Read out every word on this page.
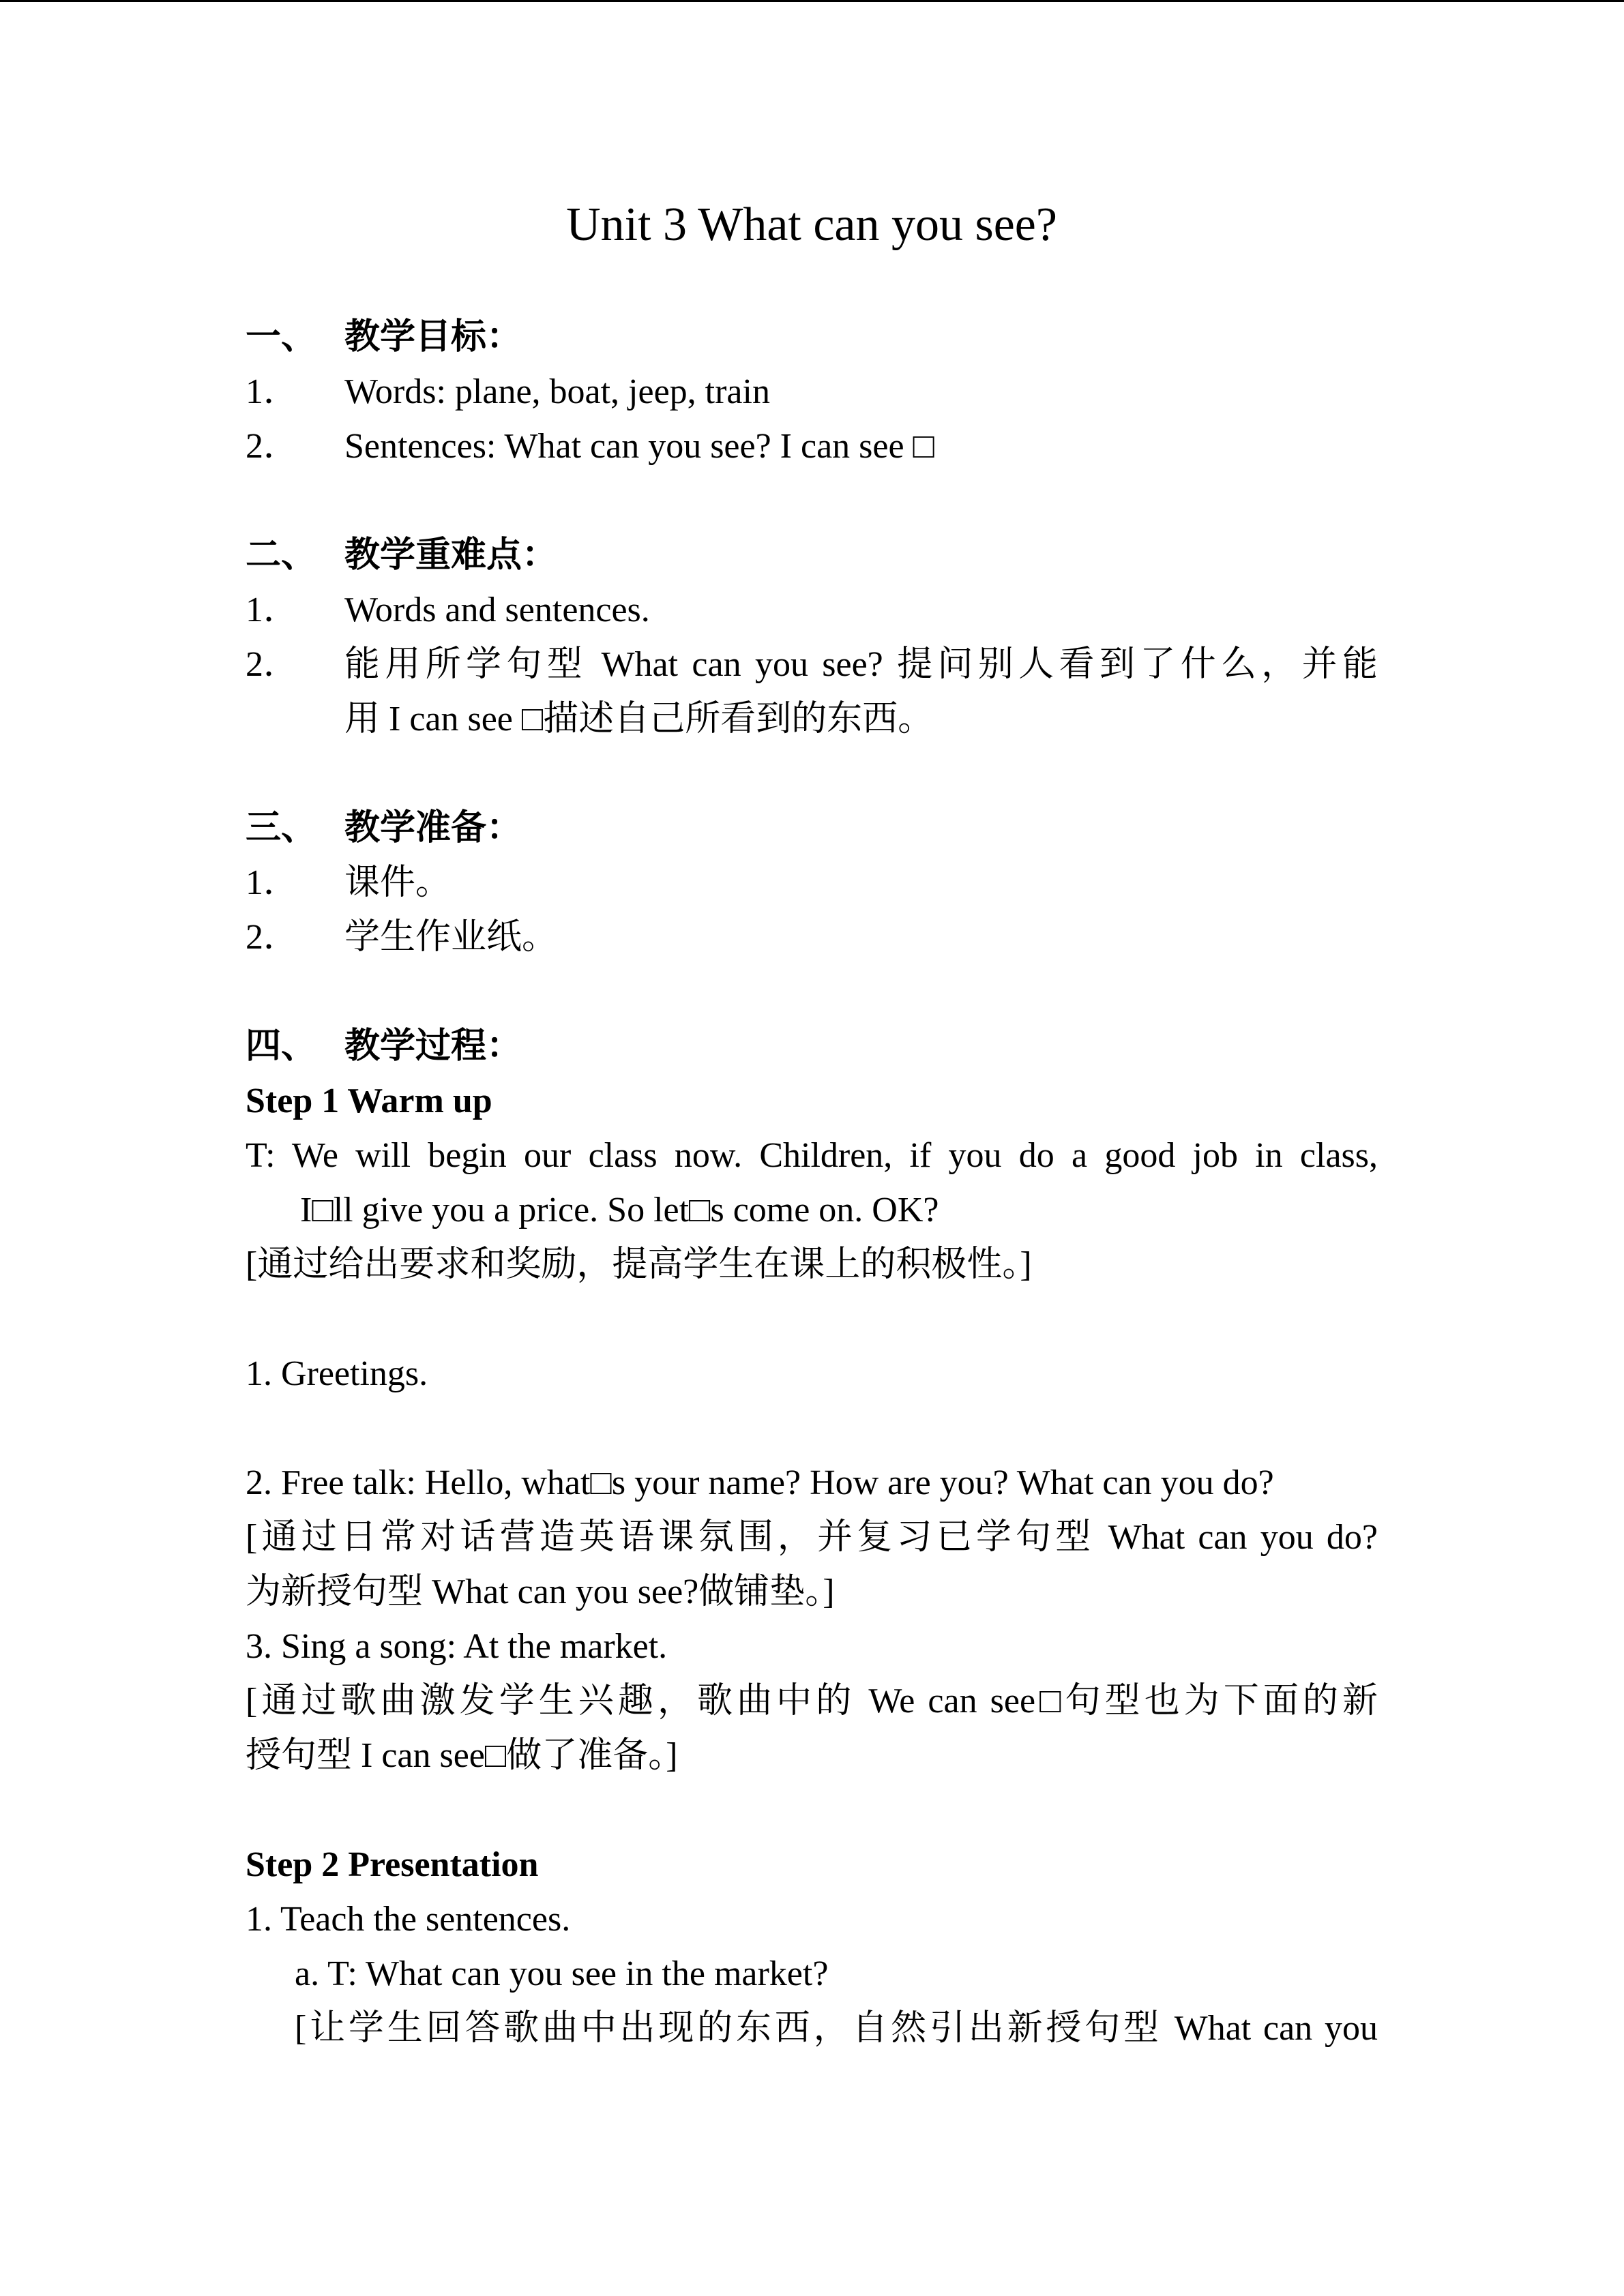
Unit 3 What can you see?
一、 教学目标：
1． Words: plane, boat, jeep, train
2． Sentences: What can you see? I can see □
二、 教学重难点：
1． Words and sentences.
2．	能用所学句型 What can you see? 提问别人看到了什么，并能
用 I can see □描述自己所看到的东西。
三、 教学准备：
1． 课件。
2． 学生作业纸。
四、 教学过程：
Step 1 Warm up
T: We will begin our class now. Children, if you do a good job in class,
I□ll give you a price. So let□s come on. OK?
[通过给出要求和奖励，提高学生在课上的积极性。]
1. Greetings.
2. Free talk: Hello, what□s your name? How are you? What can you do?
[通过日常对话营造英语课氛围，并复习已学句型 What can you do?
为新授句型 What can you see?做铺垫。]
3. Sing a song: At the market.
[通过歌曲激发学生兴趣，歌曲中的 We can see□句型也为下面的新
授句型 I can see□做了准备。]
Step 2 Presentation
1. Teach the sentences.
a. T: What can you see in the market?
[让学生回答歌曲中出现的东西，自然引出新授句型 What can you
